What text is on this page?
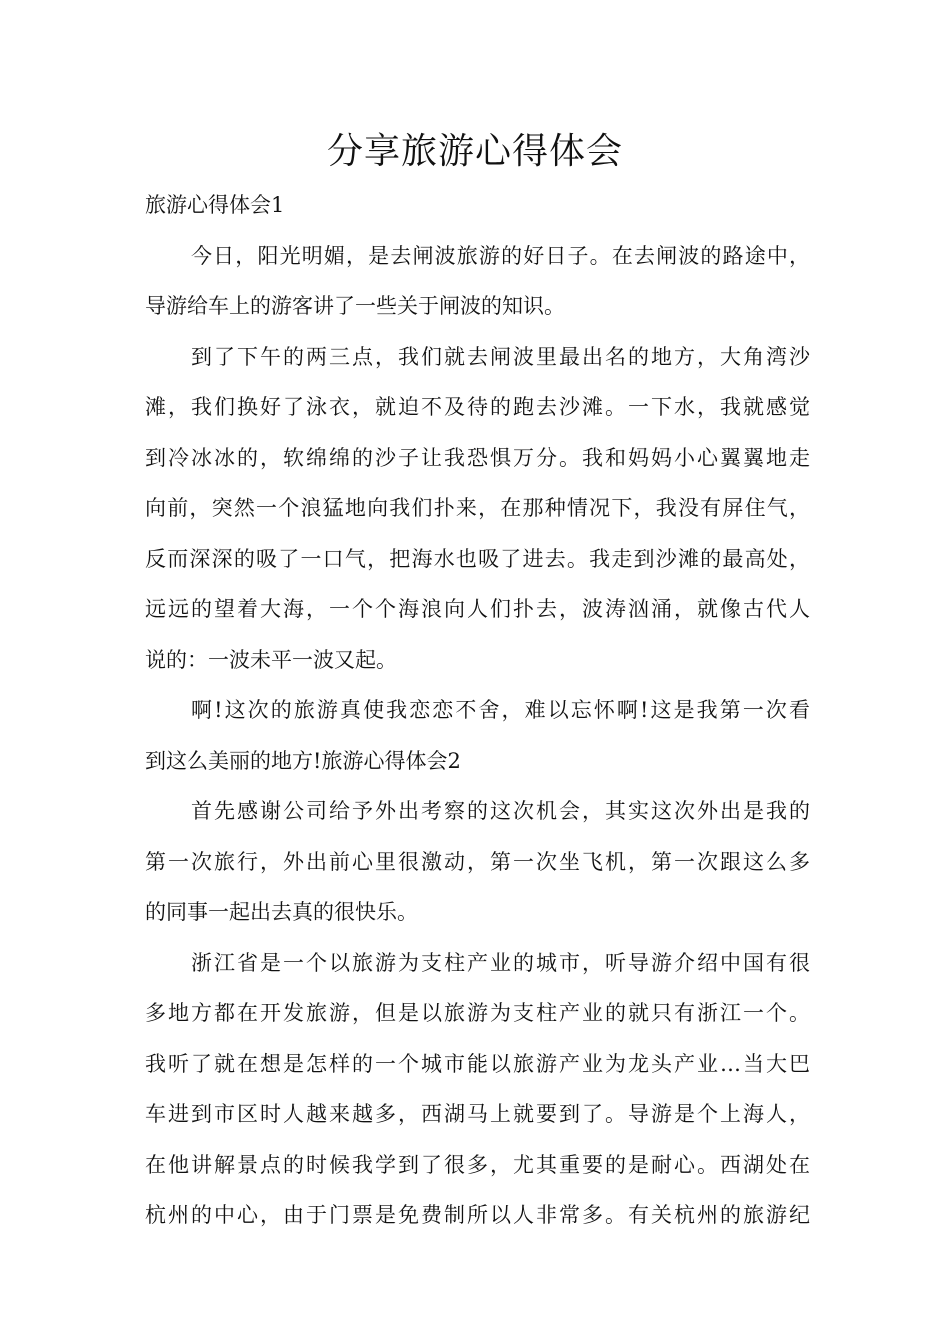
分享旅游心得体会
旅游心得体会1
今日，阳光明媚，是去闸波旅游的好日子。在去闸波的路途中，
导游给车上的游客讲了一些关于闸波的知识。
到了下午的两三点，我们就去闸波里最出名的地方，大角湾沙
滩，我们换好了泳衣，就迫不及待的跑去沙滩。一下水，我就感觉
到冷冰冰的，软绵绵的沙子让我恐惧万分。我和妈妈小心翼翼地走
向前，突然一个浪猛地向我们扑来，在那种情况下，我没有屏住气，
反而深深的吸了一口气，把海水也吸了进去。我走到沙滩的最高处，
远远的望着大海，一个个海浪向人们扑去，波涛汹涌，就像古代人
说的：一波未平一波又起。
啊!这次的旅游真使我恋恋不舍，难以忘怀啊!这是我第一次看
到这么美丽的地方!旅游心得体会2
首先感谢公司给予外出考察的这次机会，其实这次外出是我的
第一次旅行，外出前心里很激动，第一次坐飞机，第一次跟这么多
的同事一起出去真的很快乐。
浙江省是一个以旅游为支柱产业的城市，听导游介绍中国有很
多地方都在开发旅游，但是以旅游为支柱产业的就只有浙江一个。
我听了就在想是怎样的一个城市能以旅游产业为龙头产业…当大巴
车进到市区时人越来越多，西湖马上就要到了。导游是个上海人，
在他讲解景点的时候我学到了很多，尤其重要的是耐心。西湖处在
杭州的中心，由于门票是免费制所以人非常多。有关杭州的旅游纪
